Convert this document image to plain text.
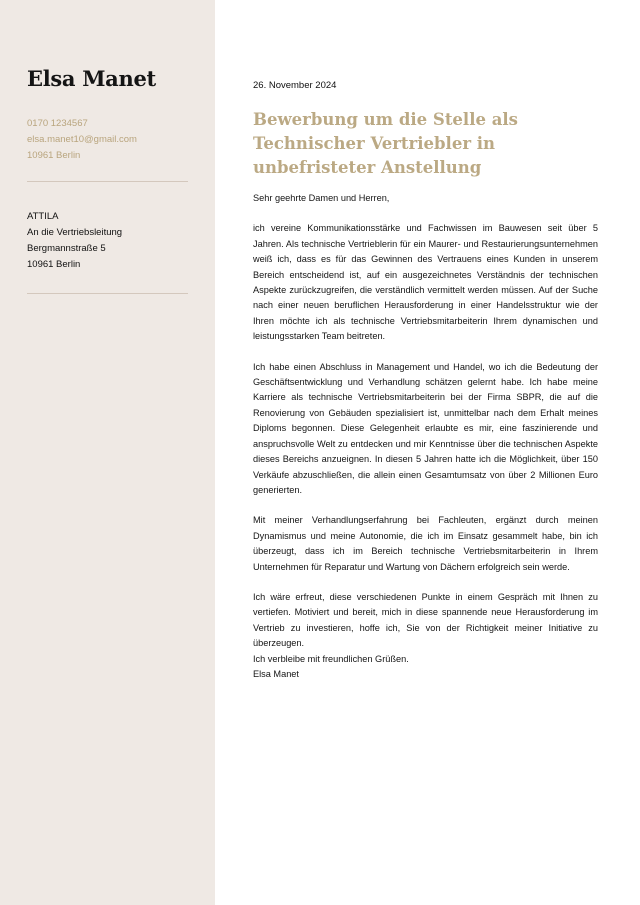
Elsa Manet
0170 1234567
elsa.manet10@gmail.com
10961 Berlin
ATTILA
An die Vertriebsleitung
Bergmannstraße 5
10961 Berlin
26. November 2024
Bewerbung um die Stelle als Technischer Vertriebler in unbefristeter Anstellung

Sehr geehrte Damen und Herren,

ich vereine Kommunikationsstärke und Fachwissen im Bauwesen seit über 5 Jahren. Als technische Vertrieblerin für ein Maurer- und Restaurierungsunternehmen weiß ich, dass es für das Gewinnen des Vertrauens eines Kunden in unserem Bereich entscheidend ist, auf ein ausgezeichnetes Verständnis der technischen Aspekte zurückzugreifen, die verständlich vermittelt werden müssen. Auf der Suche nach einer neuen beruflichen Herausforderung in einer Handelsstruktur wie der Ihren möchte ich als technische Vertriebsmitarbeiterin Ihrem dynamischen und leistungsstarken Team beitreten.

Ich habe einen Abschluss in Management und Handel, wo ich die Bedeutung der Geschäftsentwicklung und Verhandlung schätzen gelernt habe. Ich habe meine Karriere als technische Vertriebsmitarbeiterin bei der Firma SBPR, die auf die Renovierung von Gebäuden spezialisiert ist, unmittelbar nach dem Erhalt meines Diploms begonnen. Diese Gelegenheit erlaubte es mir, eine faszinierende und anspruchsvolle Welt zu entdecken und mir Kenntnisse über die technischen Aspekte dieses Bereichs anzueignen. In diesen 5 Jahren hatte ich die Möglichkeit, über 150 Verkäufe abzuschließen, die allein einen Gesamtumsatz von über 2 Millionen Euro generierten.

Mit meiner Verhandlungserfahrung bei Fachleuten, ergänzt durch meinen Dynamismus und meine Autonomie, die ich im Einsatz gesammelt habe, bin ich überzeugt, dass ich im Bereich technische Vertriebsmitarbeiterin in Ihrem Unternehmen für Reparatur und Wartung von Dächern erfolgreich sein werde.

Ich wäre erfreut, diese verschiedenen Punkte in einem Gespräch mit Ihnen zu vertiefen. Motiviert und bereit, mich in diese spannende neue Herausforderung im Vertrieb zu investieren, hoffe ich, Sie von der Richtigkeit meiner Initiative zu überzeugen.

Ich verbleibe mit freundlichen Grüßen.

Elsa Manet
